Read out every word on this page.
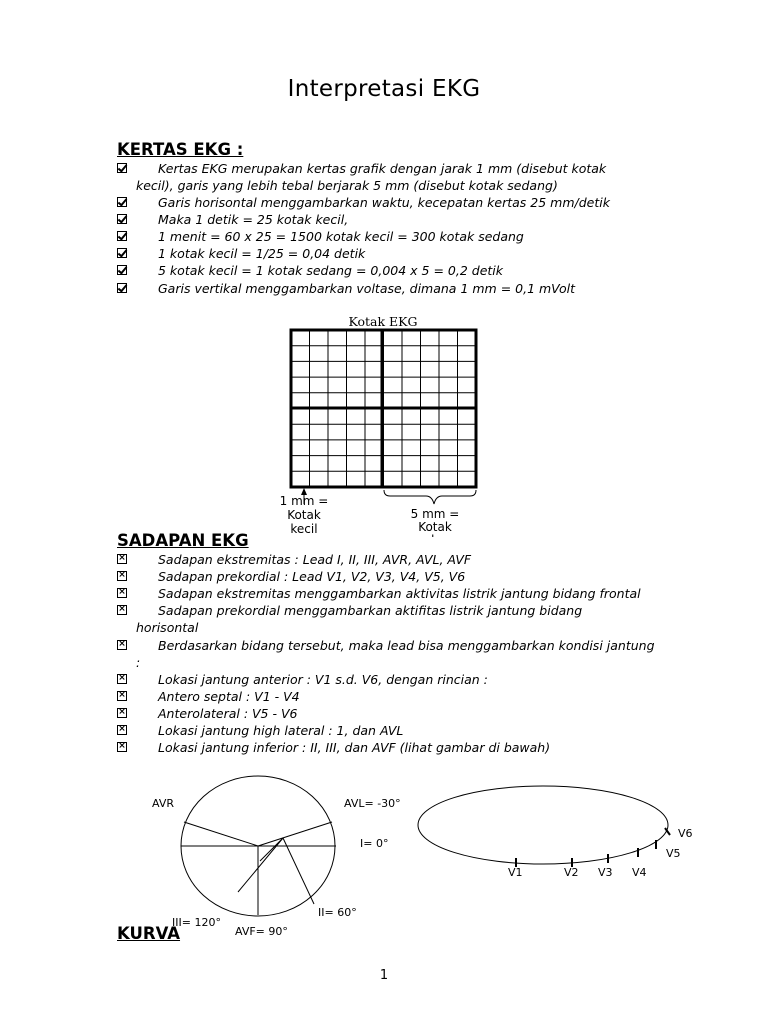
Interpretasi EKG
KERTAS EKG :
Kertas EKG merupakan kertas grafik dengan jarak 1 mm (disebut kotak
kecil), garis yang lebih tebal berjarak 5 mm (disebut kotak sedang)
Garis horisontal menggambarkan waktu, kecepatan kertas 25 mm/detik
Maka 1 detik = 25 kotak kecil,
1 menit = 60 x 25 = 1500 kotak kecil = 300 kotak sedang
1 kotak kecil = 1/25 = 0,04 detik
5 kotak kecil = 1 kotak sedang = 0,004 x 5 = 0,2 detik
Garis vertikal menggambarkan voltase, dimana 1 mm = 0,1 mVolt
Kotak EKG
1 mm =
Kotak
kecil
5 mm =
Kotak
SADAPAN EKG
×	Sadapan ekstremitas : Lead I, II, III, AVR, AVL, AVF
×	Sadapan prekordial : Lead V1, V2, V3, V4, V5, V6
×	Sadapan ekstremitas menggambarkan aktivitas listrik jantung bidang frontal
×	Sadapan prekordial menggambarkan aktifitas listrik jantung bidang
horisontal
×	Berdasarkan bidang tersebut, maka lead bisa menggambarkan kondisi jantung
:
×	Lokasi jantung anterior : V1 s.d. V6, dengan rincian :
×	Antero septal : V1 - V4
×	Anterolateral : V5 - V6
×	Lokasi jantung high lateral : 1, dan AVL
×	Lokasi jantung inferior : II, III, dan AVF (lihat gambar di bawah)
AVR	AVL= -30°
I= 0°
II= 60°
III= 120°
AVF= 90°
V1	V2 V3 V4
V5
V6
KURVA
1
